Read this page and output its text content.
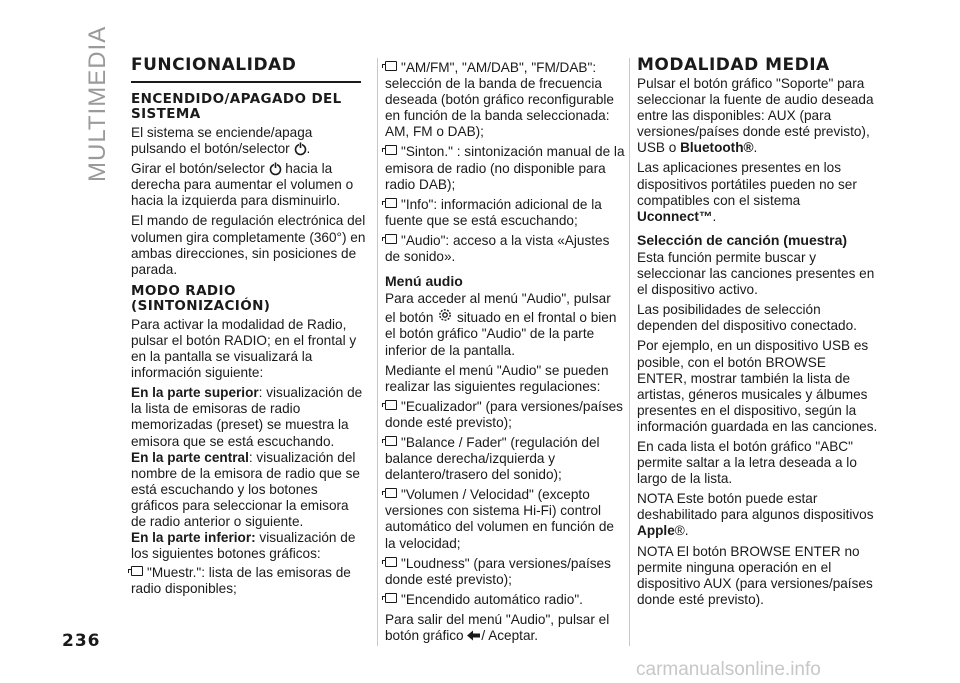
MULTIMEDIA
236
carmanualsonline.info
FUNCIONALIDAD
ENCENDIDO/APAGADO DEL SISTEMA

El sistema se enciende/apaga pulsando el botón/selector .

Girar el botón/selector hacia la derecha para aumentar el volumen o hacia la izquierda para disminuirlo.

El mando de regulación electrónica del volumen gira completamente (360°) en ambas direcciones, sin posiciones de parada.

MODO RADIO (SINTONIZACIÓN)

Para activar la modalidad de Radio, pulsar el botón RADIO; en el frontal y en la pantalla se visualizará la información siguiente:

En la parte superior: visualización de la lista de emisoras de radio memorizadas (preset) se muestra la emisora que se está escuchando.

En la parte central: visualización del nombre de la emisora de radio que se está escuchando y los botones gráficos para seleccionar la emisora de radio anterior o siguiente.

En la parte inferior: visualización de los siguientes botones gráficos:

"Muestr.": lista de las emisoras de radio disponibles;

"AM/FM", "AM/DAB", "FM/DAB": selección de la banda de frecuencia deseada (botón gráfico reconfigurable en función de la banda seleccionada: AM, FM o DAB);

"Sinton." : sintonización manual de la emisora de radio (no disponible para radio DAB);

"Info": información adicional de la fuente que se está escuchando;

"Audio": acceso a la vista «Ajustes de sonido».

Menú audio

Para acceder al menú "Audio", pulsar el botón situado en el frontal o bien el botón gráfico "Audio" de la parte inferior de la pantalla.

Mediante el menú "Audio" se pueden realizar las siguientes regulaciones:

"Ecualizador" (para versiones/países donde esté previsto);

"Balance / Fader" (regulación del balance derecha/izquierda y delantero/trasero del sonido);

"Volumen / Velocidad" (excepto versiones con sistema Hi-Fi) control automático del volumen en función de la velocidad;

"Loudness" (para versiones/países donde esté previsto);

"Encendido automático radio".

Para salir del menú "Audio", pulsar el botón gráfico / Aceptar.

MODALIDAD MEDIA

Pulsar el botón gráfico "Soporte" para seleccionar la fuente de audio deseada entre las disponibles: AUX (para versiones/países donde esté previsto), USB o Bluetooth®.

Las aplicaciones presentes en los dispositivos portátiles pueden no ser compatibles con el sistema Uconnect™.

Selección de canción (muestra)

Esta función permite buscar y seleccionar las canciones presentes en el dispositivo activo.

Las posibilidades de selección dependen del dispositivo conectado.

Por ejemplo, en un dispositivo USB es posible, con el botón BROWSE ENTER, mostrar también la lista de artistas, géneros musicales y álbumes presentes en el dispositivo, según la información guardada en las canciones.

En cada lista el botón gráfico "ABC" permite saltar a la letra deseada a lo largo de la lista.

NOTA Este botón puede estar deshabilitado para algunos dispositivos Apple®.

NOTA El botón BROWSE ENTER no permite ninguna operación en el dispositivo AUX (para versiones/países donde esté previsto).
